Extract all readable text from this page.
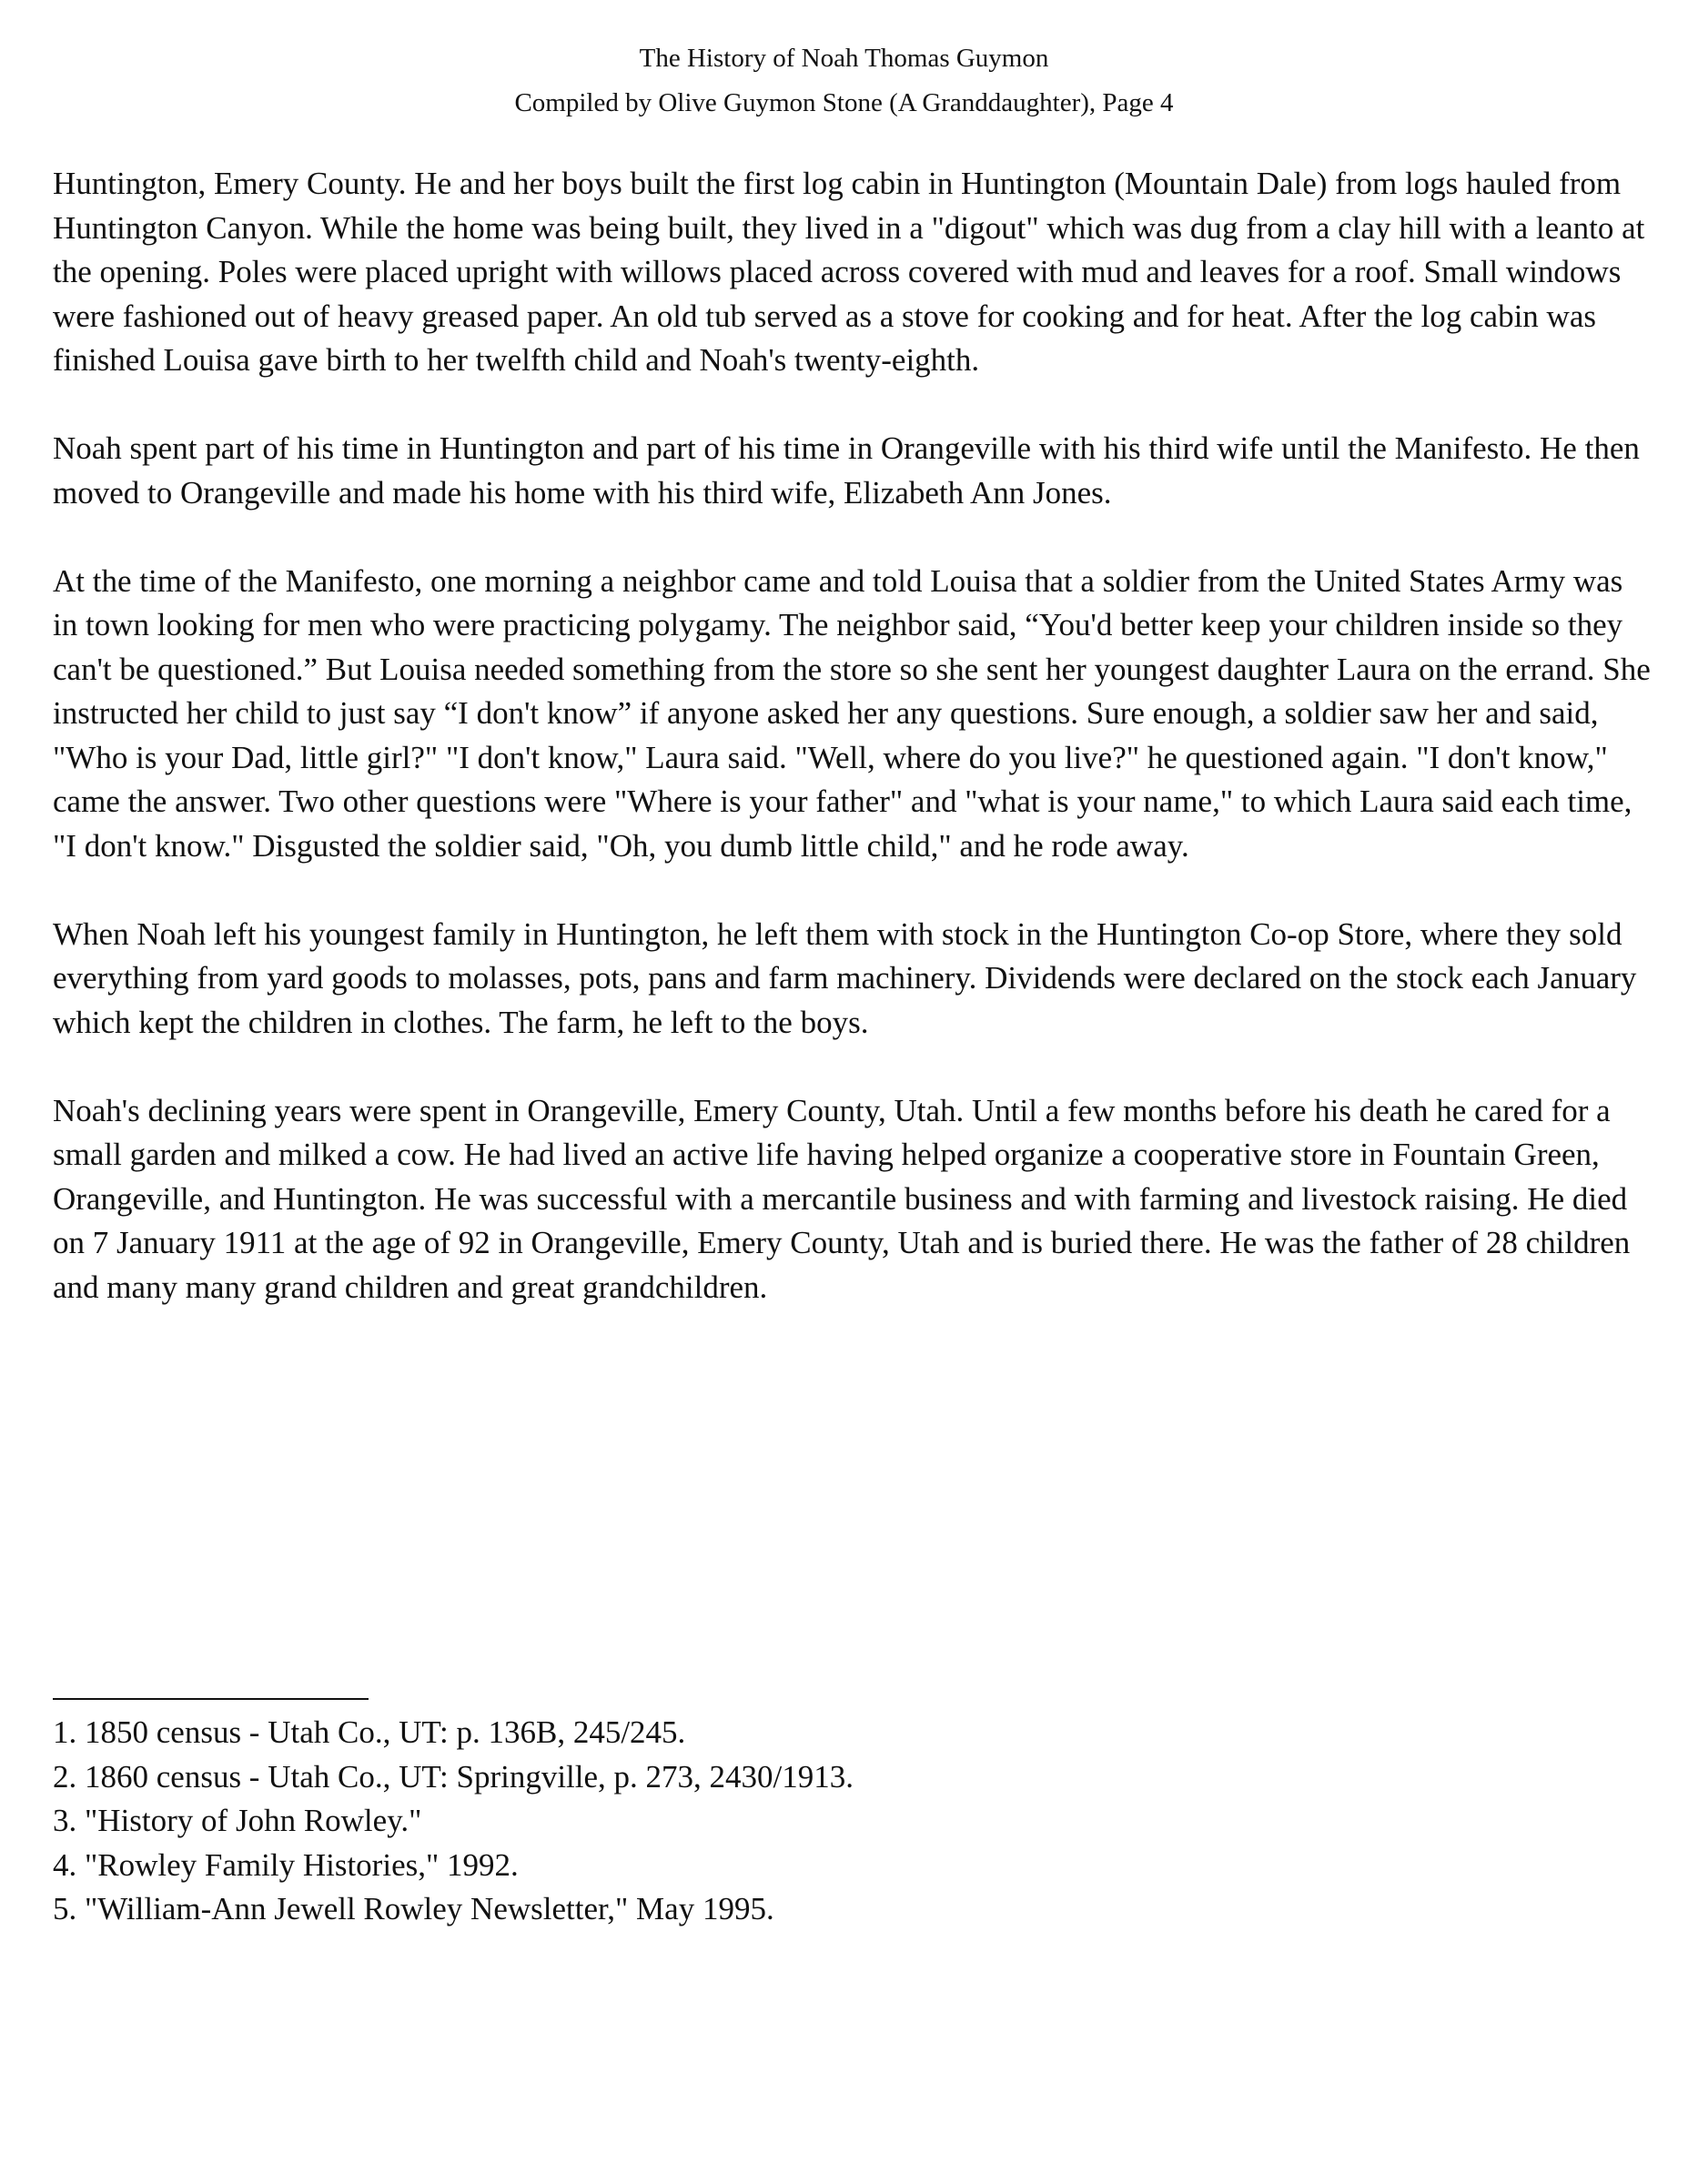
The History of Noah Thomas Guymon
Compiled by Olive Guymon Stone (A Granddaughter), Page 4

Huntington, Emery County. He and her boys built the first log cabin in Huntington (Mountain Dale) from logs hauled from Huntington Canyon. While the home was being built, they lived in a "digout" which was dug from a clay hill with a leanto at the opening. Poles were placed upright with willows placed across covered with mud and leaves for a roof. Small windows were fashioned out of heavy greased paper. An old tub served as a stove for cooking and for heat. After the log cabin was finished Louisa gave birth to her twelfth child and Noah's twenty-eighth.

Noah spent part of his time in Huntington and part of his time in Orangeville with his third wife until the Manifesto. He then moved to Orangeville and made his home with his third wife, Elizabeth Ann Jones.

At the time of the Manifesto, one morning a neighbor came and told Louisa that a soldier from the United States Army was in town looking for men who were practicing polygamy. The neighbor said, “You'd better keep your children inside so they can't be questioned.” But Louisa needed something from the store so she sent her youngest daughter Laura on the errand. She instructed her child to just say “I don't know” if anyone asked her any questions. Sure enough, a soldier saw her and said, "Who is your Dad, little girl?" "I don't know," Laura said. "Well, where do you live?" he questioned again. "I don't know," came the answer. Two other questions were "Where is your father" and "what is your name," to which Laura said each time, "I don't know." Disgusted the soldier said, "Oh, you dumb little child," and he rode away.

When Noah left his youngest family in Huntington, he left them with stock in the Huntington Co-op Store, where they sold everything from yard goods to molasses, pots, pans and farm machinery. Dividends were declared on the stock each January which kept the children in clothes. The farm, he left to the boys.

Noah's declining years were spent in Orangeville, Emery County, Utah. Until a few months before his death he cared for a small garden and milked a cow. He had lived an active life having helped organize a cooperative store in Fountain Green, Orangeville, and Huntington. He was successful with a mercantile business and with farming and livestock raising. He died on 7 January 1911 at the age of 92 in Orangeville, Emery County, Utah and is buried there. He was the father of 28 children and many many grand children and great grandchildren.

1. 1850 census - Utah Co., UT: p. 136B, 245/245.
2. 1860 census - Utah Co., UT: Springville, p. 273, 2430/1913.
3. "History of John Rowley."
4. "Rowley Family Histories," 1992.
5. "William-Ann Jewell Rowley Newsletter," May 1995.
